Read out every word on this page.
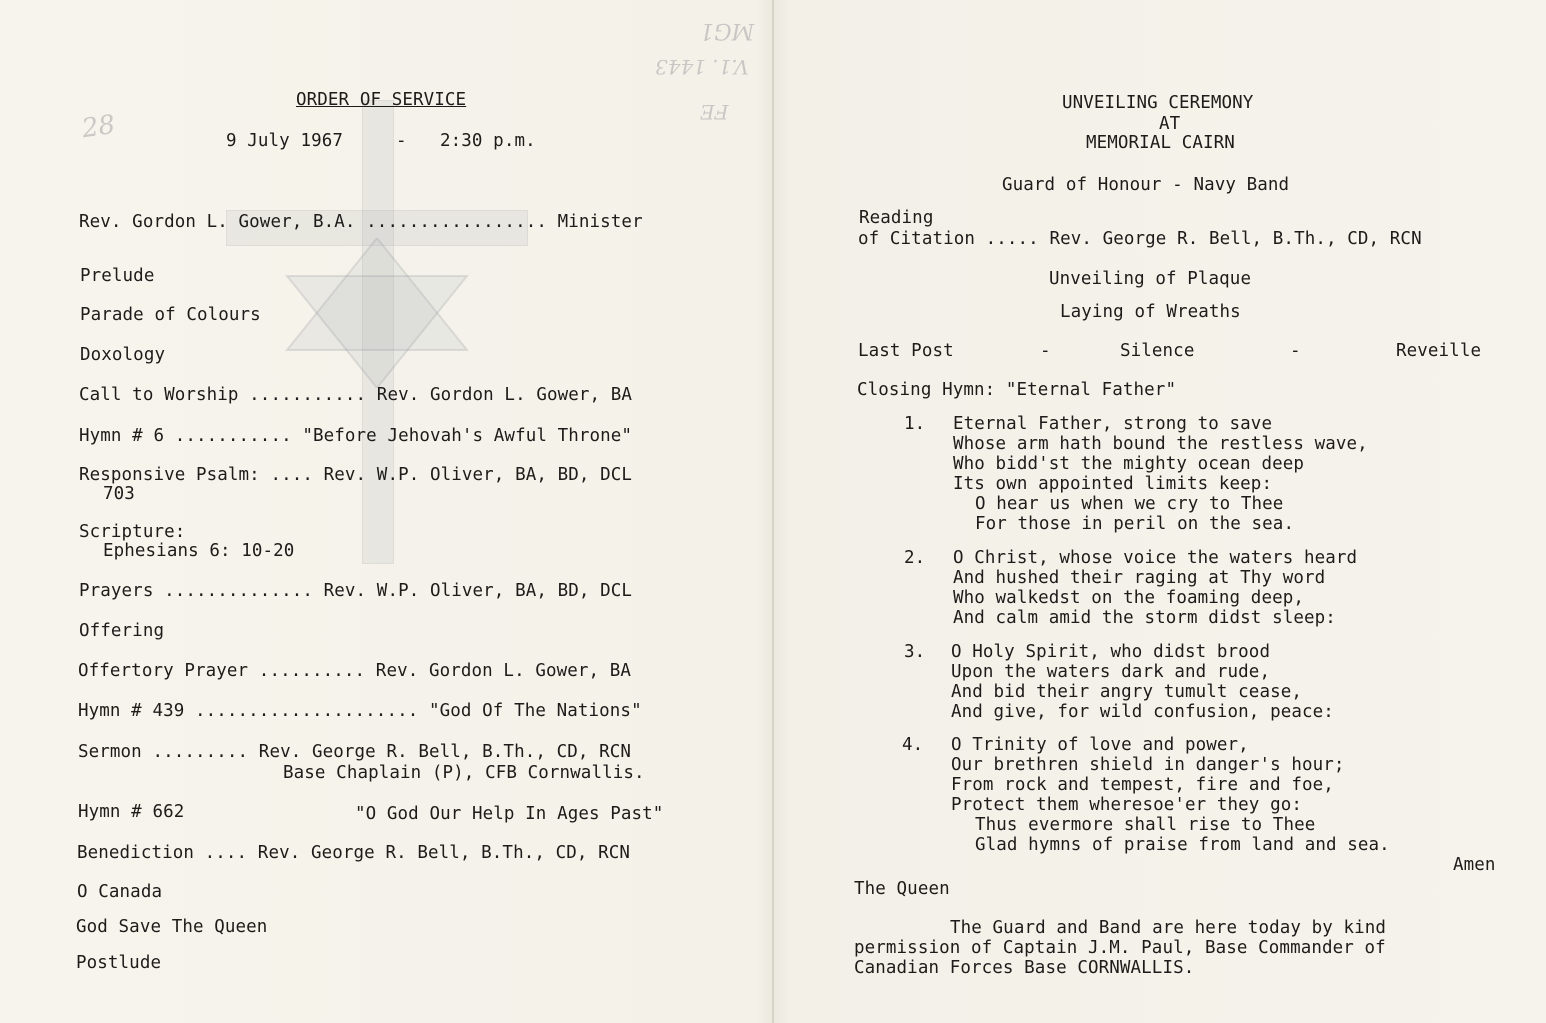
28
MG1
V.1. 1443
FE
ORDER OF SERVICE
9 July 1967	- 2:30 p.m.
Rev. Gordon L. Gower, B.A. ................. Minister
Prelude
Parade of Colours
Doxology
Call to Worship ........... Rev. Gordon L. Gower, BA
Hymn # 6 ........... "Before Jehovah's Awful Throne"
Responsive Psalm: .... Rev. W.P. Oliver, BA, BD, DCL
703
Scripture:
Ephesians 6: 10-20
Prayers .............. Rev. W.P. Oliver, BA, BD, DCL
Offering
Offertory Prayer .......... Rev. Gordon L. Gower, BA
Hymn # 439 ..................... "God Of The Nations"
Sermon ......... Rev. George R. Bell, B.Th., CD, RCN
Base Chaplain (P), CFB Cornwallis.
Hymn # 662	"O God Our Help In Ages Past"
Benediction .... Rev. George R. Bell, B.Th., CD, RCN
O Canada
God Save The Queen
Postlude
UNVEILING CEREMONY
AT
MEMORIAL CAIRN
Guard of Honour - Navy Band
Reading
of Citation ..... Rev. George R. Bell, B.Th., CD, RCN
Unveiling of Plaque
Laying of Wreaths
Last Post	-	Silence	-	Reveille
Closing Hymn: "Eternal Father"
1. Eternal Father, strong to save
Whose arm hath bound the restless wave,
Who bidd'st the mighty ocean deep
Its own appointed limits keep:
O hear us when we cry to Thee
For those in peril on the sea.
2. O Christ, whose voice the waters heard
And hushed their raging at Thy word
Who walkedst on the foaming deep,
And calm amid the storm didst sleep:
3. O Holy Spirit, who didst brood
Upon the waters dark and rude,
And bid their angry tumult cease,
And give, for wild confusion, peace:
4. O Trinity of love and power,
Our brethren shield in danger's hour;
From rock and tempest, fire and foe,
Protect them wheresoe'er they go:
Thus evermore shall rise to Thee
Glad hymns of praise from land and sea.
Amen
The Queen
The Guard and Band are here today by kind
permission of Captain J.M. Paul, Base Commander of
Canadian Forces Base CORNWALLIS.
